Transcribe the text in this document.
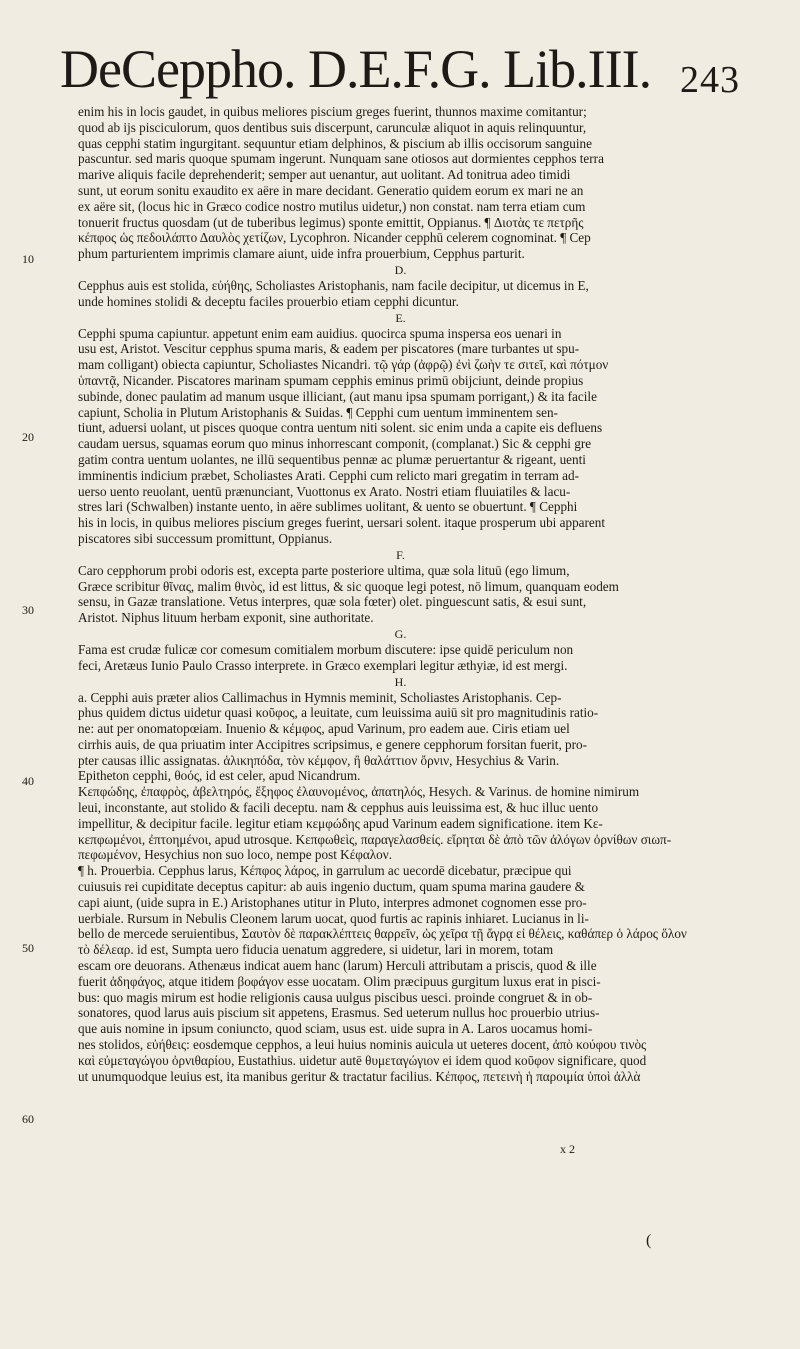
DeCeppho. D.E.F.G. Lib.III. 243
enim his in locis gaudet, in quibus meliores piscium greges fuerint, thunnos maxime comitantur;
quod ab ijs pisciculorum, quos dentibus suis discerpunt, carunculæ aliquot in aquis relinquuntur,
quas cepphi statim ingurgitant. sequuntur etiam delphinos, & piscium ab illis occisorum sanguine
pascuntur. sed maris quoque spumam ingerunt. Nunquam sane otiosos aut dormientes cepphos terra
marive aliquis facile deprehenderit; semper aut uenantur, aut uolitant. Ad tonitrua adeo timidi
sunt, ut eorum sonitu exaudito ex aëre in mare decidant. Generatio quidem eorum ex mari ne an
ex aëre sit, (locus hic in Græco codice nostro mutilus uidetur,) non constat. nam terra etiam cum
tonuerit fructus quosdam (ut de tuberibus legimus) sponte emittit, Oppianus. ¶ Διοτὰς τε πετρῆς
κέπφος ὡς πεδοιλάπτο Δαυλὸς χετίζων, Lycophron. Nicander cepphū celerem cognominat. ¶ Cep
phum parturientem imprimis clamare aiunt, uide infra prouerbium, Cepphus parturit.
D.
Cepphus auis est stolida, εὐήθης, Scholiastes Aristophanis, nam facile decipitur, ut dicemus in E,
unde homines stolidi & deceptu faciles prouerbio etiam cepphi dicuntur.
E.
Cepphi spuma capiuntur. appetunt enim eam auidius. quocirca spuma inspersa eos uenari in
usu est, Aristot. Vescitur cepphus spuma maris, & eadem per piscatores (mare turbantes ut spu-
mam colligant) obiecta capiuntur, Scholiastes Nicandri. τῷ γάρ (ἀφρῷ) ἐνὶ ζωὴν τε σιτεῖ, καὶ πότμον
ὑπαντᾷ, Nicander. Piscatores marinam spumam cepphis eminus primū obijciunt, deinde propius
subinde, donec paulatim ad manum usque illiciant, (aut manu ipsa spumam porrigant,) & ita facile
capiunt, Scholia in Plutum Aristophanis & Suidas. ¶ Cepphi cum uentum imminentem sen-
tiunt, aduersi uolant, ut pisces quoque contra uentum niti solent. sic enim unda a capite eis defluens
caudam uersus, squamas eorum quo minus inhorrescant componit, (complanat.) Sic & cepphi gre
gatim contra uentum uolantes, ne illū sequentibus pennæ ac plumæ peruertantur & rigeant, uenti
imminentis indicium præbet, Scholiastes Arati. Cepphi cum relicto mari gregatim in terram ad-
uerso uento reuolant, uentū prænunciant, Vuottonus ex Arato. Nostri etiam fluuiatiles & lacu-
stres lari (Schwalben) instante uento, in aëre sublimes uolitant, & uento se obuertunt. ¶ Cepphi
his in locis, in quibus meliores piscium greges fuerint, uersari solent. itaque prosperum ubi apparent
piscatores sibi successum promittunt, Oppianus.
F.
Caro cepphorum probi odoris est, excepta parte posteriore ultima, quæ sola lituū (ego limum,
Græce scribitur θῖνας, malim θινὸς, id est littus, & sic quoque legi potest, nō limum, quanquam eodem
sensu, in Gazæ translatione. Vetus interpres, quæ sola fœter) olet. pinguescunt satis, & esui sunt,
Aristot. Niphus lituum herbam exponit, sine authoritate.
G.
Fama est crudæ fulicæ cor comesum comitialem morbum discutere: ipse quidē periculum non
feci, Aretæus Iunio Paulo Crasso interprete. in Græco exemplari legitur æthyiæ, id est mergi.
H.
a. Cepphi auis præter alios Callimachus in Hymnis meminit, Scholiastes Aristophanis. Cep-
phus quidem dictus uidetur quasi κοῦφος, a leuitate, cum leuissima auiū sit pro magnitudinis ratio-
ne: aut per onomatopœiam. Inuenio & κέμφος, apud Varinum, pro eadem aue. Ciris etiam uel
cirrhis auis, de qua priuatim inter Accipitres scripsimus, e genere cepphorum forsitan fuerit, pro-
pter causas illic assignatas. ἁλικηπόδα, τὸν κέμφον, ἢ θαλάττιον ὄρνιν, Hesychius & Varin.
Epitheton cepphi, θοός, id est celer, apud Nicandrum.
Κεπφώδης, ἐπαφρὸς, ἀβελτηρός, ἔξηφος ἐλαυνομένος, ἀπατηλός, Hesych. & Varinus. de homine nimirum
leui, inconstante, aut stolido & facili deceptu. nam & cepphus auis leuissima est, & huc illuc uento
impellitur, & decipitur facile. legitur etiam κεμφώδης apud Varinum eadem significatione. item Κε-
κεπφωμένοι, ἐπτοημένοι, apud utrosque. Κεπφωθεὶς, παραγελασθείς. εἴρηται δὲ ἀπὸ τῶν ἀλόγων ὀρνίθων σιωπ-
πεφωμένον, Hesychius non suo loco, nempe post Κέφαλον.
¶ h. Prouerbia. Cepphus larus, Κέπφος λάρος, in garrulum ac uecordē dicebatur, præcipue qui
cuiusuis rei cupiditate deceptus capitur: ab auis ingenio ductum, quam spuma marina gaudere &
capi aiunt, (uide supra in E.) Aristophanes utitur in Pluto, interpres admonet cognomen esse pro-
uerbiale. Rursum in Nebulis Cleonem larum uocat, quod furtis ac rapinis inhiaret. Lucianus in li-
bello de mercede seruientibus, Σαυτὸν δὲ παρακλέπτεις θαρρεῖν, ὡς χεῖρα τῇ ἄγρᾳ εἰ θέλεις, καθάπερ ὁ λάρος ὅλον
τὸ δέλεαρ. id est, Sumpta uero fiducia uenatum aggredere, si uidetur, lari in morem, totam
escam ore deuorans. Athenæus indicat auem hanc (larum) Herculi attributam a priscis, quod & ille
fuerit ἀδηφάγος, atque itidem βοφάγον esse uocatam. Olim præcipuus gurgitum luxus erat in pisci-
bus: quo magis mirum est hodie religionis causa uulgus piscibus uesci. proinde congruet & in ob-
sonatores, quod larus auis piscium sit appetens, Erasmus. Sed ueterum nullus hoc prouerbio utrius-
que auis nomine in ipsum coniuncto, quod sciam, usus est. uide supra in A. Laros uocamus homi-
nes stolidos, εὐήθεις: eosdemque cepphos, a leui huius nominis auicula ut ueteres docent, ἀπὸ κούφου τινὸς
καὶ εὐμεταγώγου ὀρνιθαρίου, Eustathius. uidetur autē θυμεταγώγιον ei idem quod κοῦφον significare, quod
ut unumquodque leuius est, ita manibus geritur & tractatur facilius. Κέπφος, πετεινὴ ἡ παροιμία ὑποὶ ἀλλὰ
10
20
30
40
50
60
x 2
(
